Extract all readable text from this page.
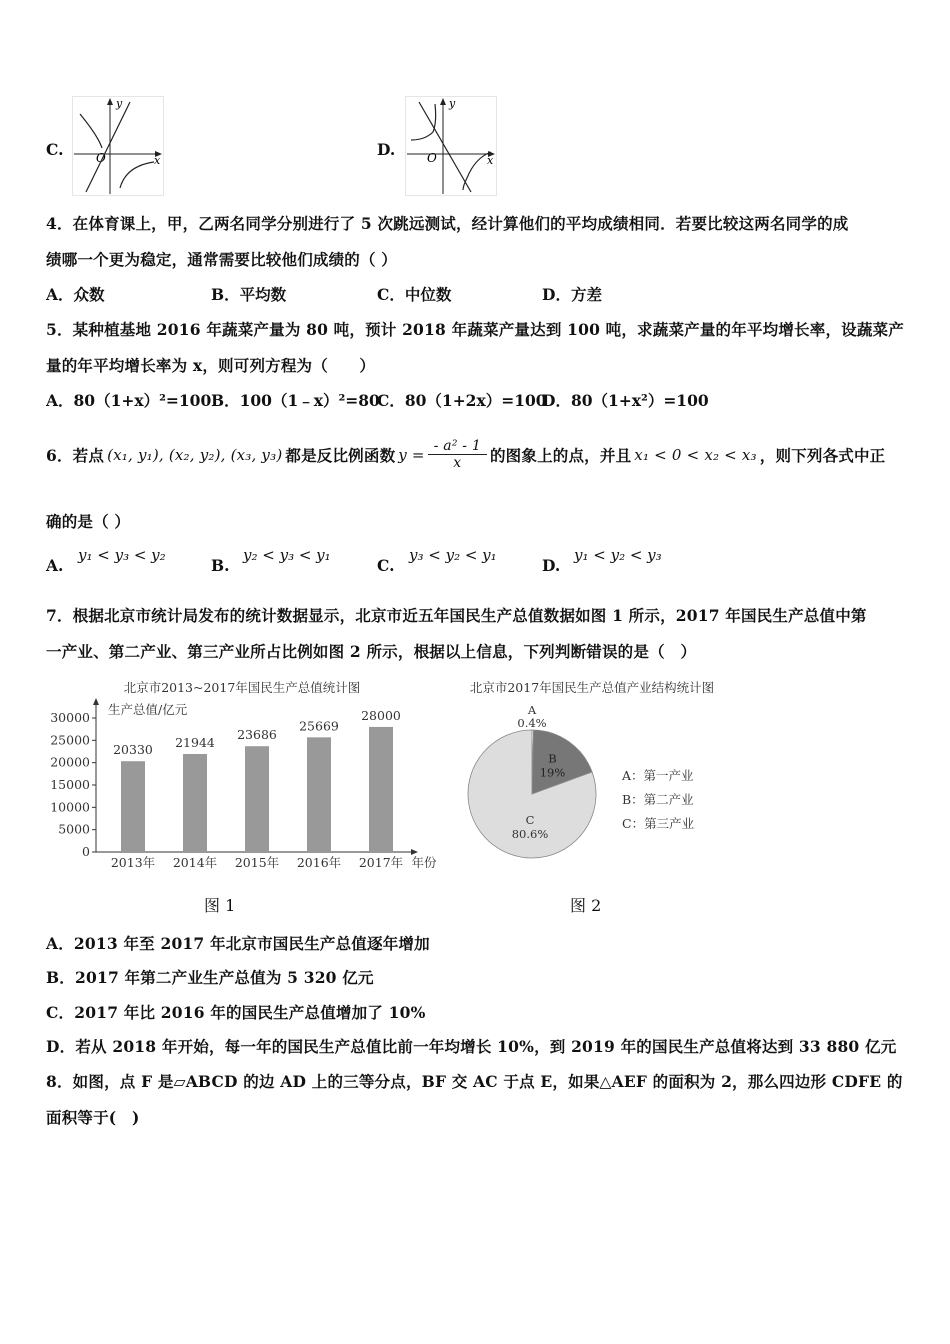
C.
y
x
O	D.
y
x
O
4．在体育课上，甲，乙两名同学分别进行了 5 次跳远测试，经计算他们的平均成绩相同．若要比较这两名同学的成
绩哪一个更为稳定，通常需要比较他们成绩的（ ）
A．众数	B．平均数	C．中位数	D．方差
5．某种植基地 2016 年蔬菜产量为 80 吨，预计 2018 年蔬菜产量达到 100 吨，求蔬菜产量的年平均增长率，设蔬菜产
量的年平均增长率为 x，则可列方程为（　　）
A．80（1+x）²=100 B．100（1﹣x）²=80
C．80（1+2x）=100
D．80（1+x²）=100
6．若点 (x₁, y₁), (x₂, y₂), (x₃, y₃) 都是反比例函数 $y = \frac{\text{- a² - 1}}{x}$ 的图象上的点，并且 x₁ < 0 < x₂ < x₃ ，则下列各式中正
确的是（ ）
A.
y₁ < y₃ < y₂
B.
y₂ < y₃ < y₁
C.
y₃ < y₂ < y₁
D.
y₁ < y₂ < y₃
7．根据北京市统计局发布的统计数据显示，北京市近五年国民生产总值数据如图 1 所示，2017 年国民生产总值中第
一产业、第二产业、第三产业所占比例如图 2 所示，根据以上信息，下列判断错误的是（　）
北京市2013~2017年国民生产总值统计图
生产总值/亿元
年份
0
5000
10000
15000
20000
25000
30000
20330
2013年
21944
2014年
23686
2015年
25669
2016年
28000
2017年
北京市2017年国民生产总值产业结构统计图
A
0.4%
B
19%
C
80.6%
A：第一产业
B：第二产业
C：第三产业
图 1	图 2
A．2013 年至 2017 年北京市国民生产总值逐年增加
B．2017 年第二产业生产总值为 5 320 亿元
C．2017 年比 2016 年的国民生产总值增加了 10%
D．若从 2018 年开始，每一年的国民生产总值比前一年均增长 10%，到 2019 年的国民生产总值将达到 33 880 亿元
8．如图，点 F 是▱ABCD 的边 AD 上的三等分点，BF 交 AC 于点 E，如果△AEF 的面积为 2，那么四边形 CDFE 的
面积等于(　)
